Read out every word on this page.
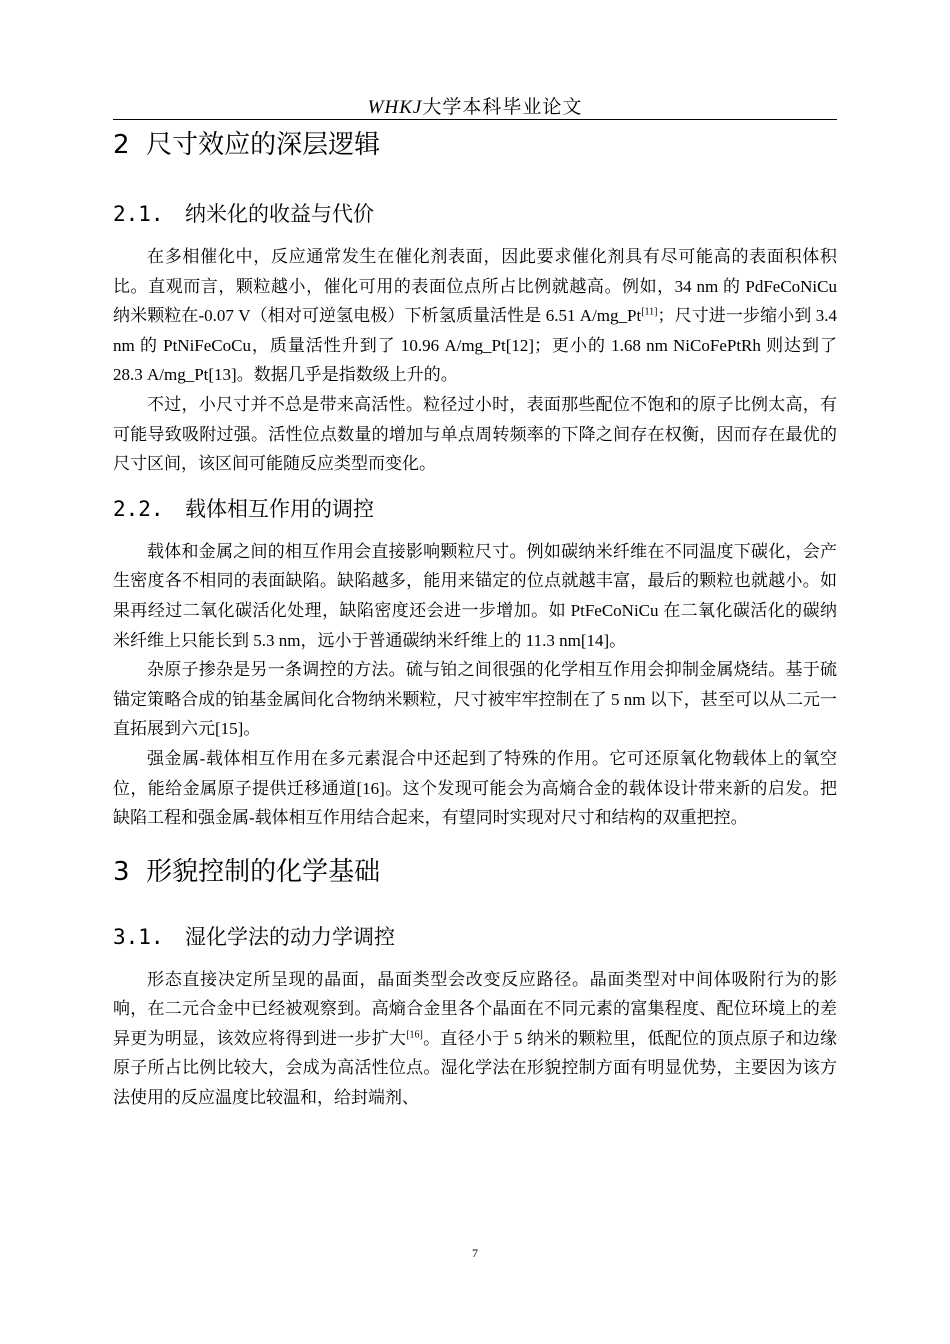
WHKJ大学本科毕业论文
2 尺寸效应的深层逻辑
2.1. 纳米化的收益与代价

在多相催化中，反应通常发生在催化剂表面，因此要求催化剂具有尽可能高的表面积体积比。直观而言，颗粒越小，催化可用的表面位点所占比例就越高。例如，34 nm 的 PdFeCoNiCu 纳米颗粒在-0.07 V（相对可逆氢电极）下析氢质量活性是 6.51 A/mg_Pt[11]；尺寸进一步缩小到 3.4 nm 的 PtNiFeCoCu，质量活性升到了 10.96 A/mg_Pt[12]；更小的 1.68 nm NiCoFePtRh 则达到了 28.3 A/mg_Pt[13]。数据几乎是指数级上升的。

不过，小尺寸并不总是带来高活性。粒径过小时，表面那些配位不饱和的原子比例太高，有可能导致吸附过强。活性位点数量的增加与单点周转频率的下降之间存在权衡，因而存在最优的尺寸区间，该区间可能随反应类型而变化。

2.2. 载体相互作用的调控

载体和金属之间的相互作用会直接影响颗粒尺寸。例如碳纳米纤维在不同温度下碳化，会产生密度各不相同的表面缺陷。缺陷越多，能用来锚定的位点就越丰富，最后的颗粒也就越小。如果再经过二氧化碳活化处理，缺陷密度还会进一步增加。如 PtFeCoNiCu 在二氧化碳活化的碳纳米纤维上只能长到 5.3 nm，远小于普通碳纳米纤维上的 11.3 nm[14]。

杂原子掺杂是另一条调控的方法。硫与铂之间很强的化学相互作用会抑制金属烧结。基于硫锚定策略合成的铂基金属间化合物纳米颗粒，尺寸被牢牢控制在了 5 nm 以下，甚至可以从二元一直拓展到六元[15]。

强金属-载体相互作用在多元素混合中还起到了特殊的作用。它可还原氧化物载体上的氧空位，能给金属原子提供迁移通道[16]。这个发现可能会为高熵合金的载体设计带来新的启发。把缺陷工程和强金属-载体相互作用结合起来，有望同时实现对尺寸和结构的双重把控。

3 形貌控制的化学基础
3.1. 湿化学法的动力学调控

形态直接决定所呈现的晶面，晶面类型会改变反应路径。晶面类型对中间体吸附行为的影响，在二元合金中已经被观察到。高熵合金里各个晶面在不同元素的富集程度、配位环境上的差异更为明显，该效应将得到进一步扩大[16]。直径小于 5 纳米的颗粒里，低配位的顶点原子和边缘原子所占比例比较大，会成为高活性位点。湿化学法在形貌控制方面有明显优势，主要因为该方法使用的反应温度比较温和，给封端剂、

7
